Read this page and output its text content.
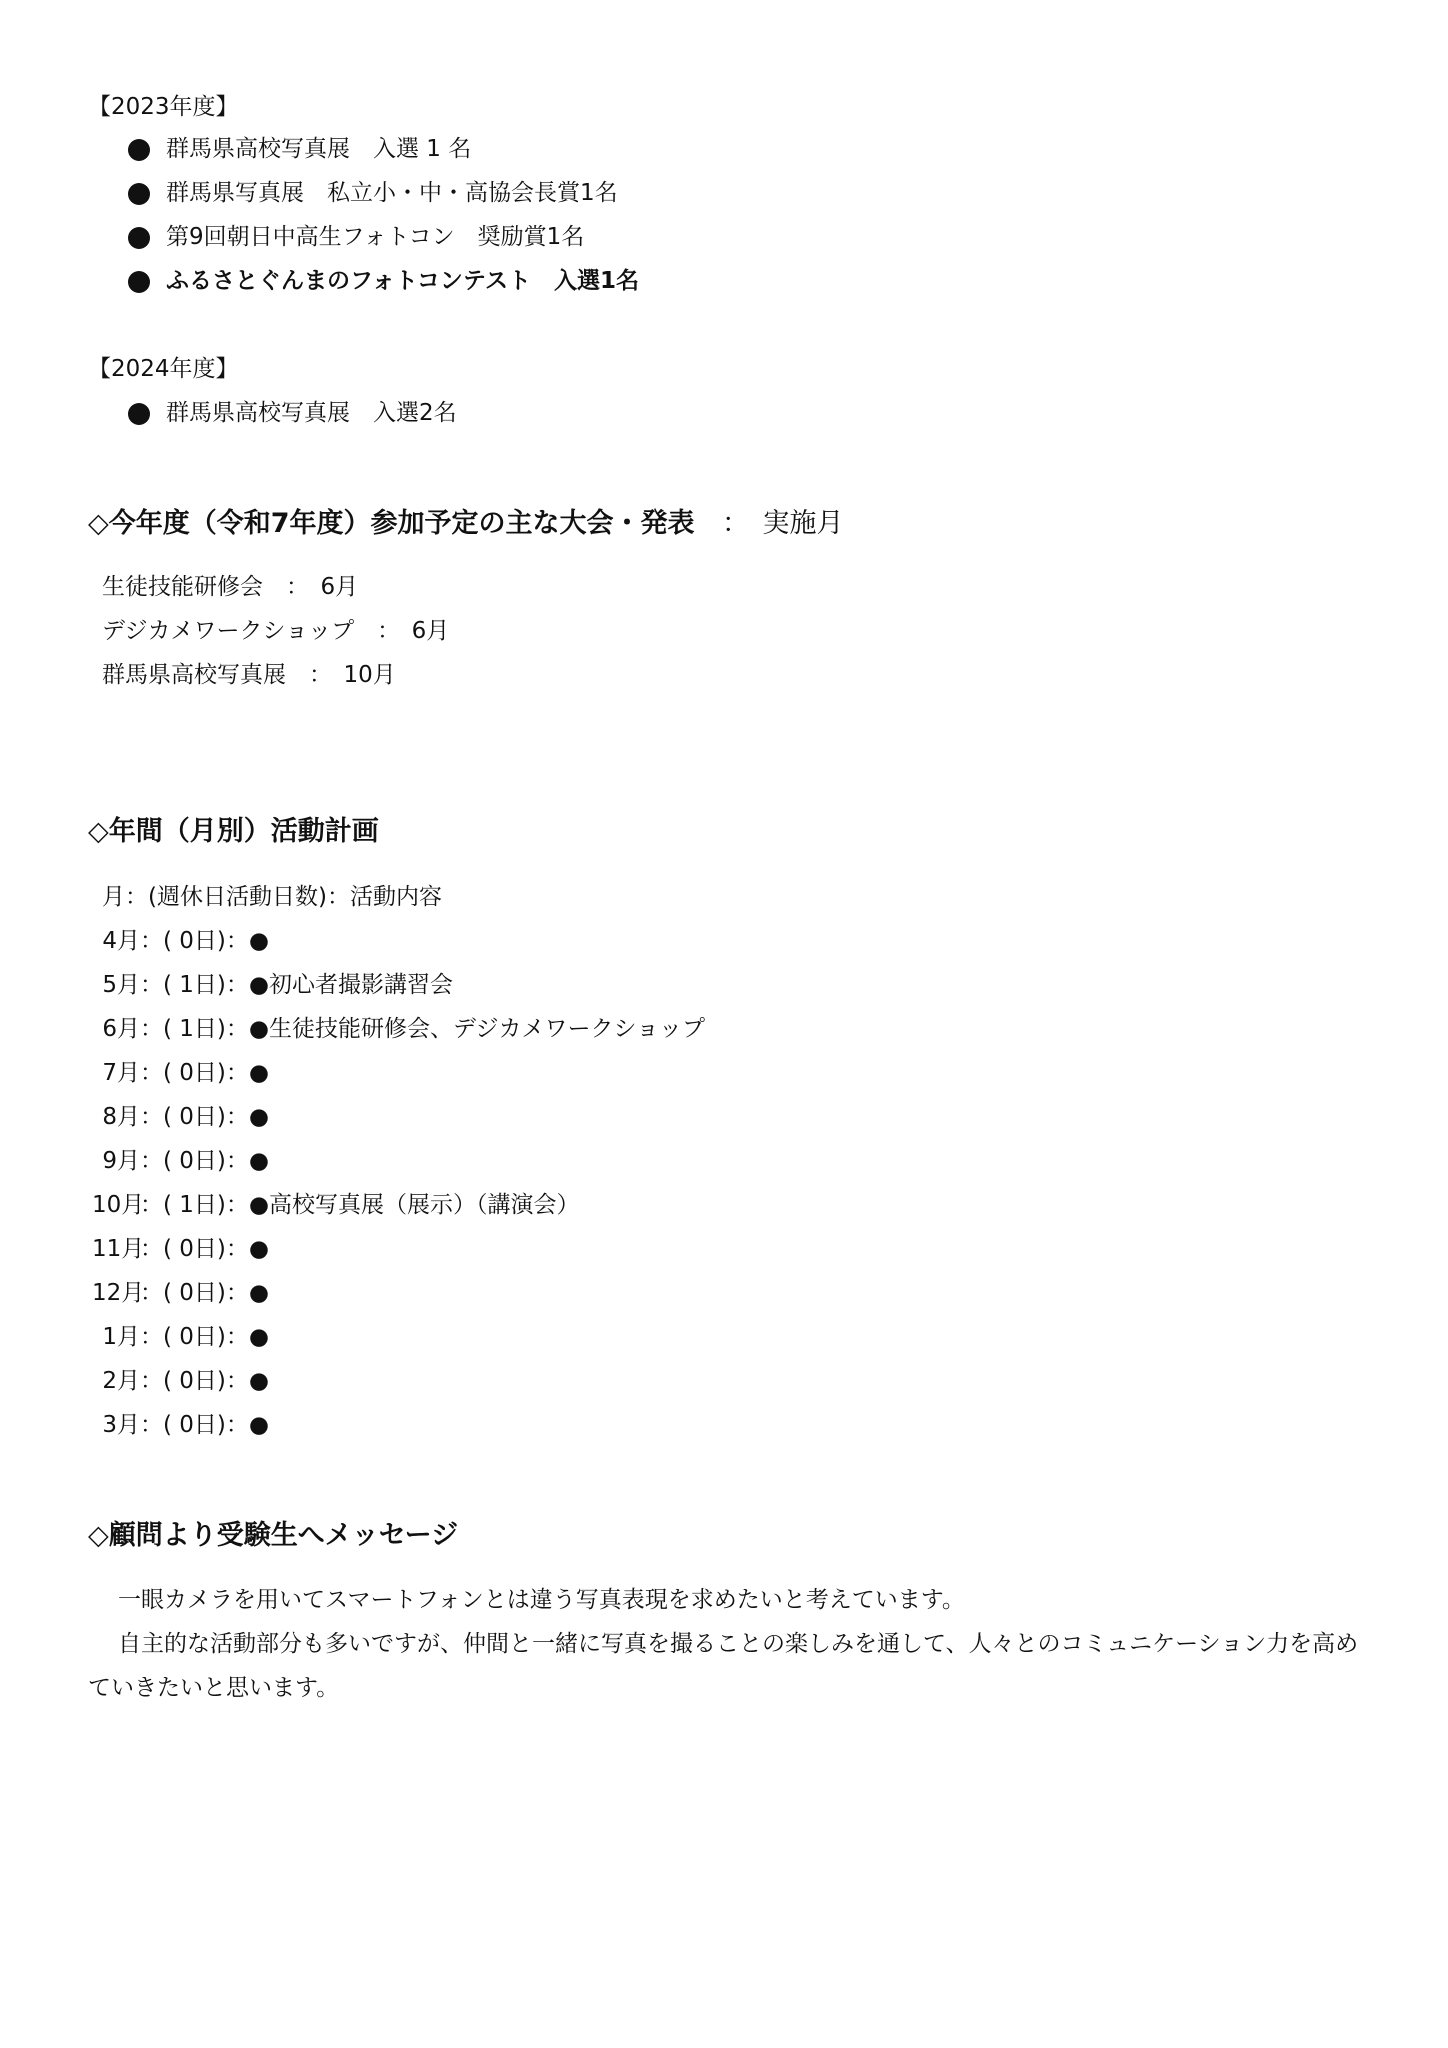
【2023年度】
群馬県高校写真展　入選 1 名
群馬県写真展　私立小・中・高協会長賞1名
第9回朝日中高生フォトコン　奨励賞1名
ふるさとぐんまのフォトコンテスト　入選1名
【2024年度】
群馬県高校写真展　入選2名
◇今年度（令和7年度）参加予定の主な大会・発表 ：　実施月
生徒技能研修会　：　6月
デジカメワークショップ　：　6月
群馬県高校写真展　：　10月
◇年間（月別）活動計画
月：(週休日活動日数)：活動内容
4月：( 0日)：●
5月：( 1日)：●初心者撮影講習会
6月：( 1日)：●生徒技能研修会、デジカメワークショップ
7月：( 0日)：●
8月：( 0日)：●
9月：( 0日)：●
10月：( 1日)：●高校写真展（展示）（講演会）
11月：( 0日)：●
12月：( 0日)：●
1月：( 0日)：●
2月：( 0日)：●
3月：( 0日)：●
◇顧問より受験生へメッセージ

一眼カメラを用いてスマートフォンとは違う写真表現を求めたいと考えています。

自主的な活動部分も多いですが、仲間と一緒に写真を撮ることの楽しみを通して、人々とのコミュニケーション力を高めていきたいと思います。
